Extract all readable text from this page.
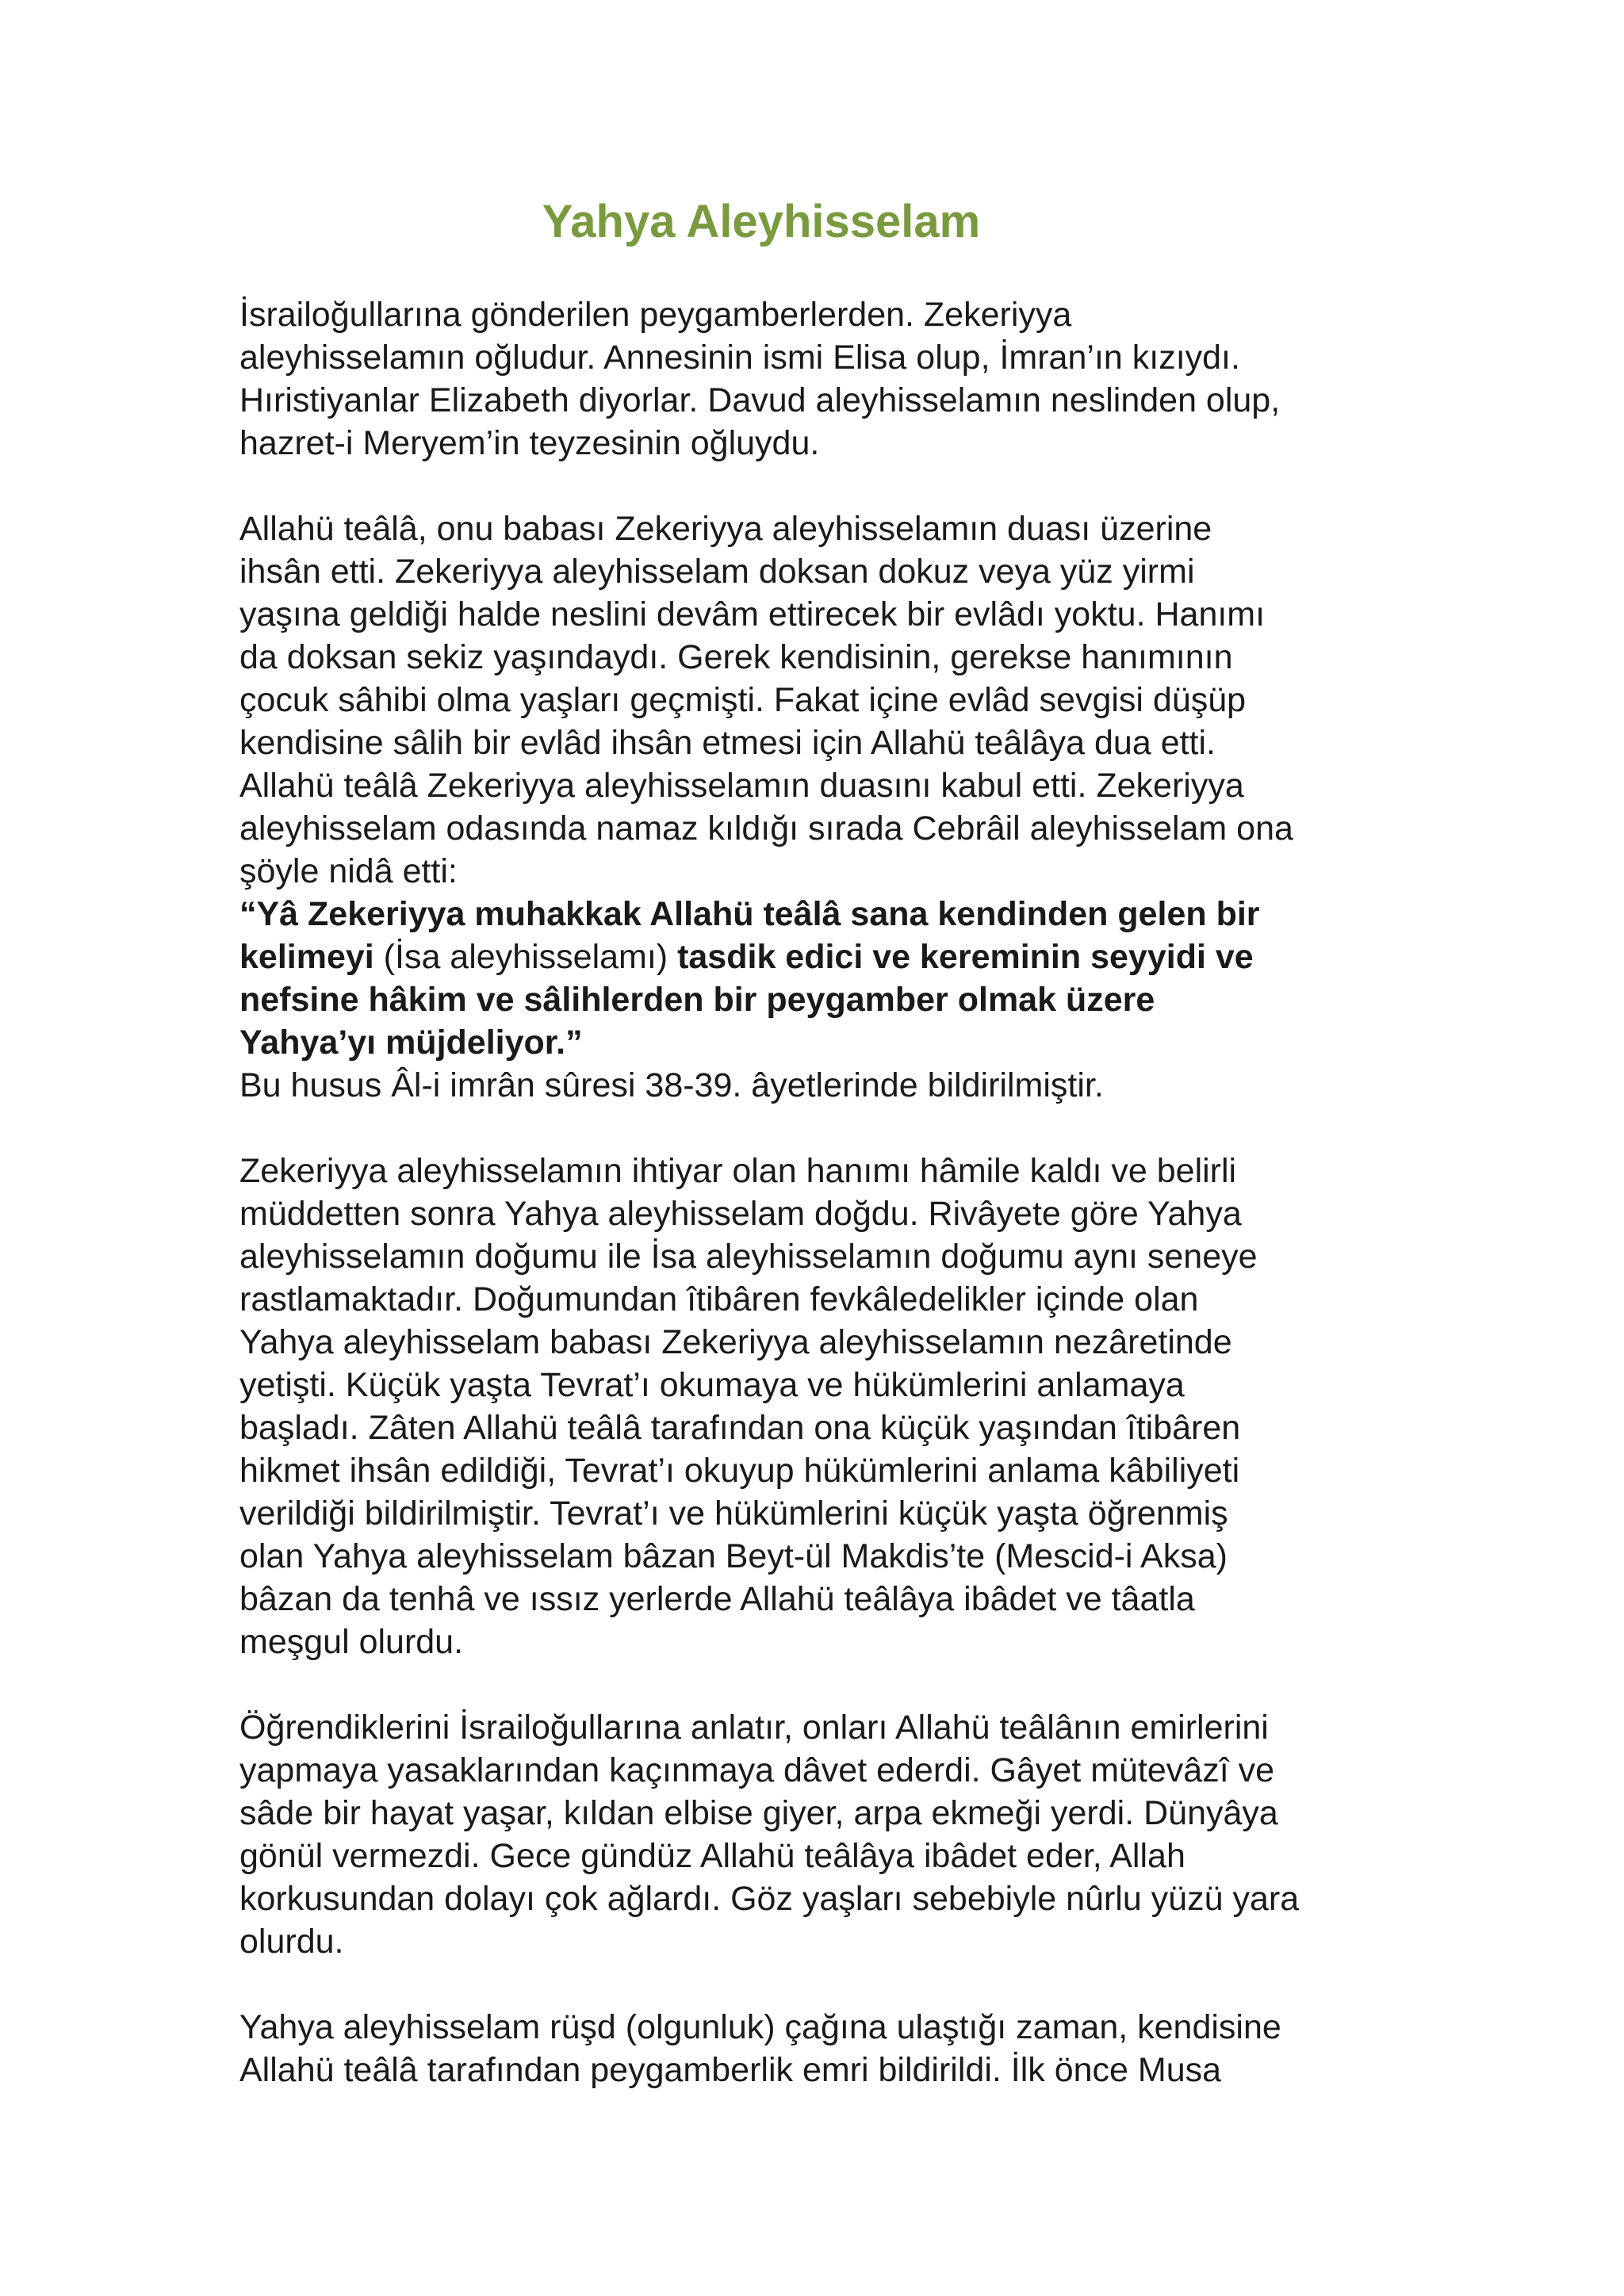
Yahya Aleyhisselam
İsrailoğullarına gönderilen peygamberlerden. Zekeriyya
aleyhisselamın oğludur. Annesinin ismi Elisa olup, İmran’ın kızıydı.
Hıristiyanlar Elizabeth diyorlar. Davud aleyhisselamın neslinden olup,
hazret-i Meryem’in teyzesinin oğluydu.
Allahü teâlâ, onu babası Zekeriyya aleyhisselamın duası üzerine
ihsân etti. Zekeriyya aleyhisselam doksan dokuz veya yüz yirmi
yaşına geldiği halde neslini devâm ettirecek bir evlâdı yoktu. Hanımı
da doksan sekiz yaşındaydı. Gerek kendisinin, gerekse hanımının
çocuk sâhibi olma yaşları geçmişti. Fakat içine evlâd sevgisi düşüp
kendisine sâlih bir evlâd ihsân etmesi için Allahü teâlâya dua etti.
Allahü teâlâ Zekeriyya aleyhisselamın duasını kabul etti. Zekeriyya
aleyhisselam odasında namaz kıldığı sırada Cebrâil aleyhisselam ona
şöyle nidâ etti:
“Yâ Zekeriyya muhakkak Allahü teâlâ sana kendinden gelen bir
kelimeyi (İsa aleyhisselamı) tasdik edici ve kereminin seyyidi ve
nefsine hâkim ve sâlihlerden bir peygamber olmak üzere
Yahya’yı müjdeliyor.”
Bu husus Âl-i imrân sûresi 38-39. âyetlerinde bildirilmiştir.
Zekeriyya aleyhisselamın ihtiyar olan hanımı hâmile kaldı ve belirli
müddetten sonra Yahya aleyhisselam doğdu. Rivâyete göre Yahya
aleyhisselamın doğumu ile İsa aleyhisselamın doğumu aynı seneye
rastlamaktadır. Doğumundan îtibâren fevkâledelikler içinde olan
Yahya aleyhisselam babası Zekeriyya aleyhisselamın nezâretinde
yetişti. Küçük yaşta Tevrat’ı okumaya ve hükümlerini anlamaya
başladı. Zâten Allahü teâlâ tarafından ona küçük yaşından îtibâren
hikmet ihsân edildiği, Tevrat’ı okuyup hükümlerini anlama kâbiliyeti
verildiği bildirilmiştir. Tevrat’ı ve hükümlerini küçük yaşta öğrenmiş
olan Yahya aleyhisselam bâzan Beyt-ül Makdis’te (Mescid-i Aksa)
bâzan da tenhâ ve ıssız yerlerde Allahü teâlâya ibâdet ve tâatla
meşgul olurdu.
Öğrendiklerini İsrailoğullarına anlatır, onları Allahü teâlânın emirlerini
yapmaya yasaklarından kaçınmaya dâvet ederdi. Gâyet mütevâzî ve
sâde bir hayat yaşar, kıldan elbise giyer, arpa ekmeği yerdi. Dünyâya
gönül vermezdi. Gece gündüz Allahü teâlâya ibâdet eder, Allah
korkusundan dolayı çok ağlardı. Göz yaşları sebebiyle nûrlu yüzü yara
olurdu.
Yahya aleyhisselam rüşd (olgunluk) çağına ulaştığı zaman, kendisine
Allahü teâlâ tarafından peygamberlik emri bildirildi. İlk önce Musa
